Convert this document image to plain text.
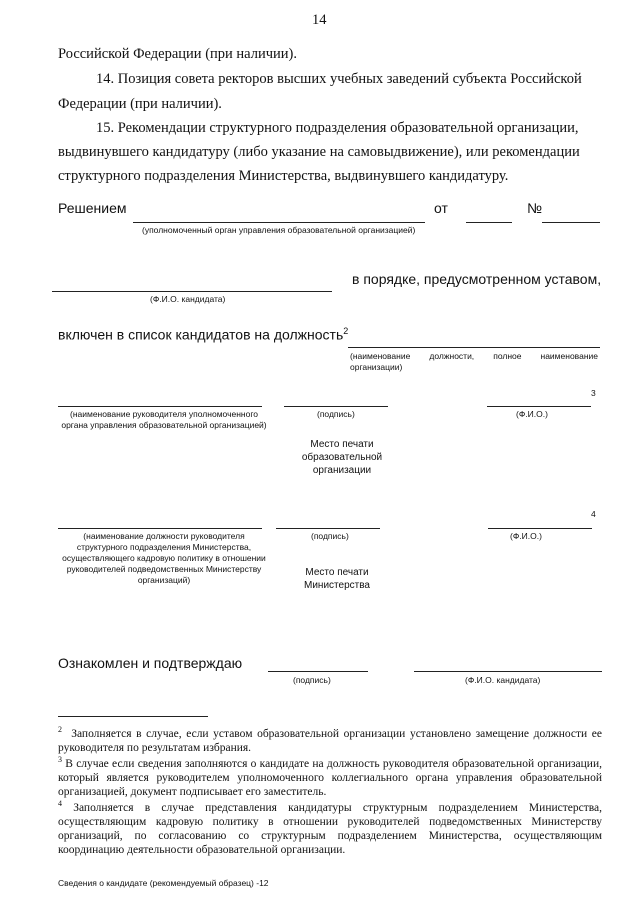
14
Российской Федерации (при наличии).
14. Позиция совета ректоров высших учебных заведений субъекта Российской
Федерации (при наличии).
15. Рекомендации структурного подразделения образовательной организации,
выдвинувшего кандидатуру (либо указание на самовыдвижение), или рекомендации
структурного подразделения Министерства, выдвинувшего кандидатуру.
Решением	от	№
(уполномоченный орган управления образовательной организацией)
в порядке, предусмотренном уставом,
(Ф.И.О. кандидата)
включен в список кандидатов на должность$^2$
(наименование должности, полное наименование
организации)
3
(наименование руководителя уполномоченного органа управления образовательной организацией)
(подпись)	(Ф.И.О.)
Место печати образовательной организации
4
(наименование должности руководителя структурного подразделения Министерства, осуществляющего кадровую политику в отношении руководителей подведомственных Министерству организаций)
(подпись)	(Ф.И.О.)
Место печати Министерства
Ознакомлен и подтверждаю
(подпись)	(Ф.И.О. кандидата)
$^2$ Заполняется в случае, если уставом образовательной организации установлено замещение должности ее руководителя по результатам избрания.
$^3$ В случае если сведения заполняются о кандидате на должность руководителя образовательной организации, который является руководителем уполномоченного коллегиального органа управления образовательной организацией, документ подписывает его заместитель.
$^4$ Заполняется в случае представления кандидатуры структурным подразделением Министерства, осуществляющим кадровую политику в отношении руководителей подведомственных Министерству организаций, по согласованию со структурным подразделением Министерства, осуществляющим координацию деятельности образовательной организации.
Сведения о кандидате (рекомендуемый образец) -12
